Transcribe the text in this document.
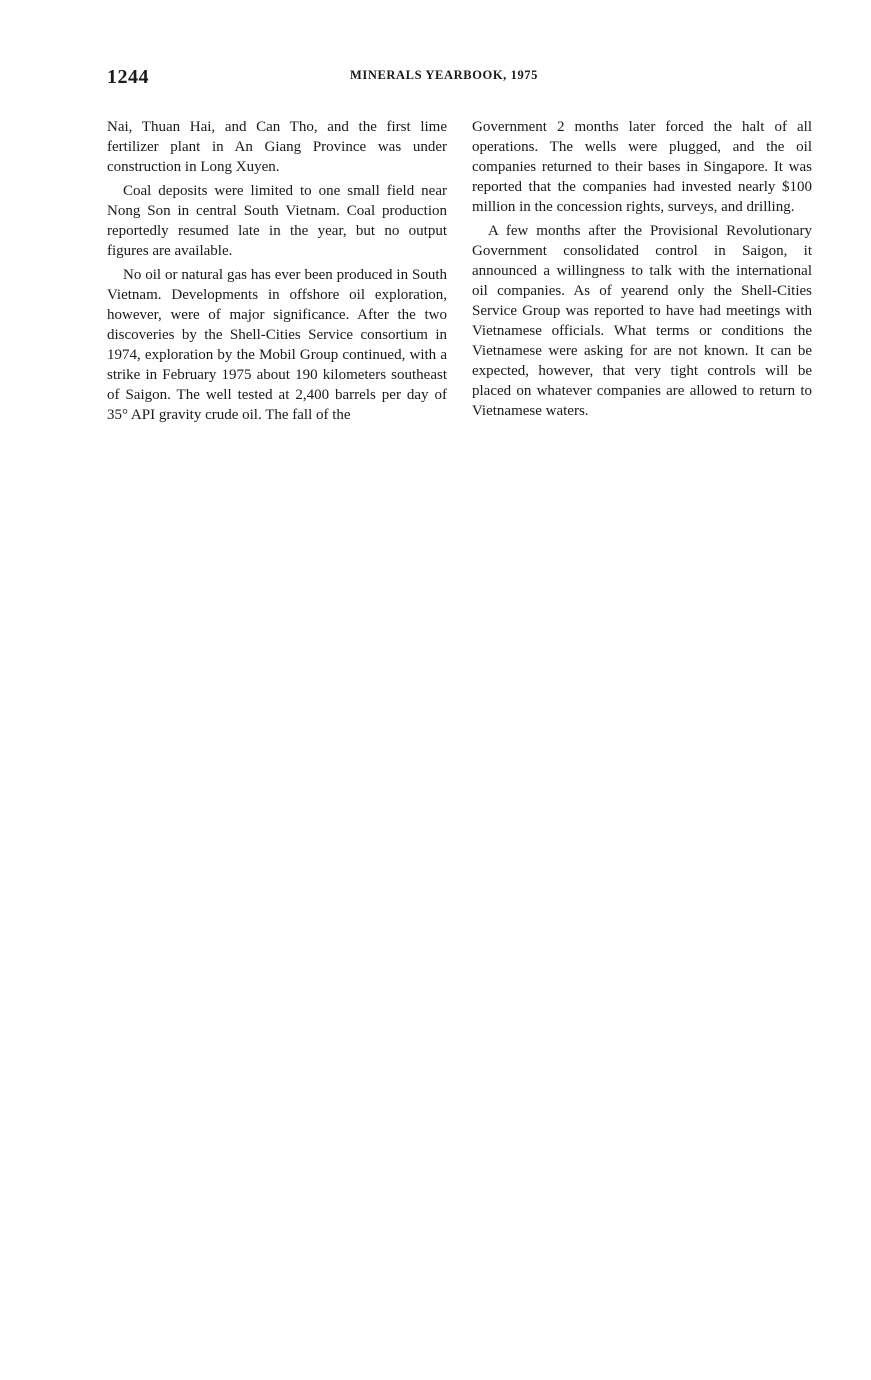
1244	MINERALS YEARBOOK, 1975

Nai, Thuan Hai, and Can Tho, and the first lime fertilizer plant in An Giang Province was under construction in Long Xuyen.

Coal deposits were limited to one small field near Nong Son in central South Vietnam. Coal production reportedly resumed late in the year, but no output figures are available.

No oil or natural gas has ever been produced in South Vietnam. Developments in offshore oil exploration, however, were of major significance. After the two discoveries by the Shell-Cities Service consortium in 1974, exploration by the Mobil Group continued, with a strike in February 1975 about 190 kilometers southeast of Saigon. The well tested at 2,400 barrels per day of 35° API gravity crude oil. The fall of the

Government 2 months later forced the halt of all operations. The wells were plugged, and the oil companies returned to their bases in Singapore. It was reported that the companies had invested nearly $100 million in the concession rights, surveys, and drilling.

A few months after the Provisional Revolutionary Government consolidated control in Saigon, it announced a willingness to talk with the international oil companies. As of yearend only the Shell-Cities Service Group was reported to have had meetings with Vietnamese officials. What terms or conditions the Vietnamese were asking for are not known. It can be expected, however, that very tight controls will be placed on whatever companies are allowed to return to Vietnamese waters.
